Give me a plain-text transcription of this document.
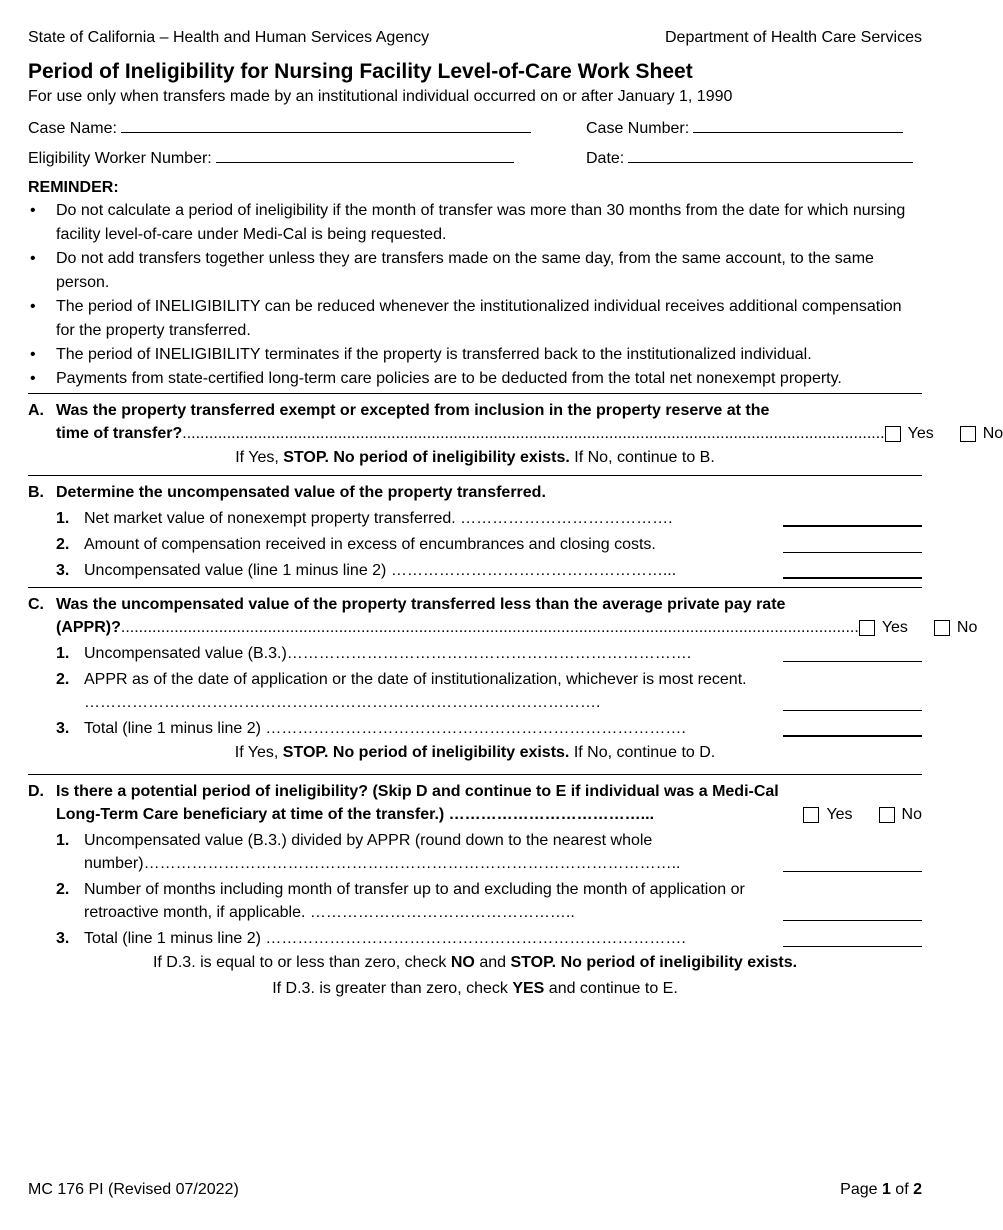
State of California – Health and Human Services Agency	Department of Health Care Services
Period of Ineligibility for Nursing Facility Level-of-Care Work Sheet
For use only when transfers made by an institutional individual occurred on or after January 1, 1990
Case Name:	Case Number:
Eligibility Worker Number:	Date:
REMINDER:
• Do not calculate a period of ineligibility if the month of transfer was more than 30 months from the date for which nursing facility level-of-care under Medi-Cal is being requested.
• Do not add transfers together unless they are transfers made on the same day, from the same account, to the same person.
• The period of INELIGIBILITY can be reduced whenever the institutionalized individual receives additional compensation for the property transferred.
• The period of INELIGIBILITY terminates if the property is transferred back to the institutionalized individual.
• Payments from state-certified long-term care policies are to be deducted from the total net nonexempt property.
A. Was the property transferred exempt or excepted from inclusion in the property reserve at the
time of transfer? .............................................................................................................................................................. Yes	No
If Yes, STOP. No period of ineligibility exists. If No, continue to B.
B. Determine the uncompensated value of the property transferred.
1. Net market value of nonexempt property transferred. ………………………………….
2. Amount of compensation received in excess of encumbrances and closing costs.
3. Uncompensated value (line 1 minus line 2) ……………………………………………...
C. Was the uncompensated value of the property transferred less than the average private pay rate
(APPR)? ...................................................................................................................................................................... Yes	No
1. Uncompensated value (B.3.)………………………………………………………………….
2. APPR as of the date of application or the date of institutionalization, whichever is most recent. …………………………………………………………………………………….
3. Total (line 1 minus line 2) …………………………………………………………………….
If Yes, STOP. No period of ineligibility exists. If No, continue to D.
D. Is there a potential period of ineligibility? (Skip D and continue to E if individual was a Medi-Cal
Long-Term Care beneficiary at time of the transfer.) ………………………………...	Yes	No
1. Uncompensated value (B.3.) divided by APPR (round down to the nearest whole number)………………………………………………………………………………………..
2. Number of months including month of transfer up to and excluding the month of application or retroactive month, if applicable. …………………………………………..
3. Total (line 1 minus line 2) …………………………………………………………………….
If D.3. is equal to or less than zero, check NO and STOP. No period of ineligibility exists.
If D.3. is greater than zero, check YES and continue to E.
MC 176 PI (Revised 07/2022)	Page 1 of 2
